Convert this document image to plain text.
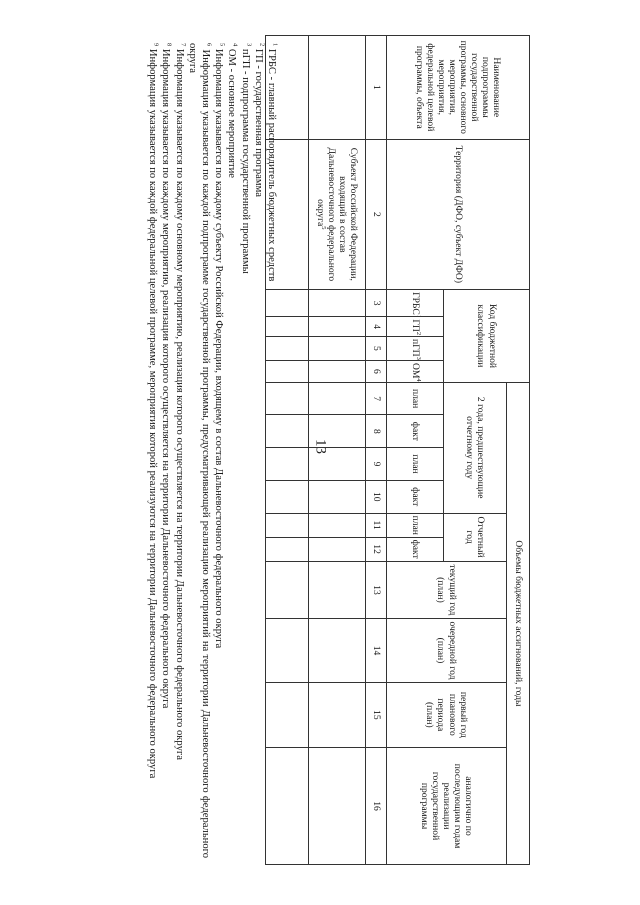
13
Наименование подпрограммы государственной программы, основного мероприятия, мероприятия, федеральной целевой программы, объекта	Территория (ДФО, субъект ДФО)	Код бюджетной классификации				Объемы бюджетных ассигнований, годы									
						2 года, предшествующие отчетному году				Отчетный год		текущий год (план)	очередной год (план)	первый год планового периода (план)	аналогично по последующим годам реализации государственной программы
		ГРБС$^1$	$ГП^2$	пГП$^3$	$ОМ^4$	план	факт	план	факт	план	факт				
1	2	3	4	5	6	7	8	9	10	11	12	13	14	15	16
	Субъект Российской Федерации, входящий в состав Дальневосточного федерального округа$^5$														

$^1$ ГРБС - главный распорядитель бюджетных средств

$^2$ ГП - государственная программа

$^3$ пГП - подпрограмма государственной программы

$^4$ ОМ - основное мероприятие

$^5$ Информация указывается по каждому субъекту Российской Федерации, входящему в состав Дальневосточного федерального округа

$^6$ Информация указывается по каждой подпрограмме государственной программы, предусматривающей реализацию мероприятий на территории Дальневосточного федерального округа

$^7$ Информация указывается по каждому основному мероприятию, реализация которого осуществляется на территории Дальневосточного федерального округа

$^8$ Информация указывается по каждому мероприятию, реализация которого осуществляется на территории Дальневосточного федерального округа

$^9$ Информация указывается по каждой федеральной целевой программе, мероприятия которой реализуются на территории Дальневосточного федерального округа
